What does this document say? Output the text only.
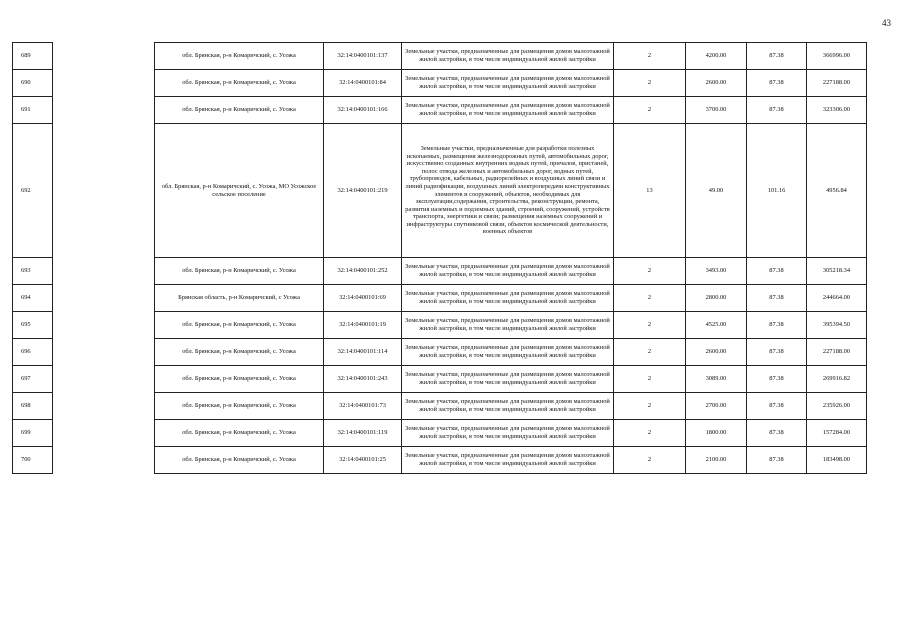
43
689		обл. Брянская, р-н Комаричский, с. Усожа	32:14:0400101:137	Земельные участки, предназначенные для размещения домов малоэтажной жилой застройки, в том числе индивидуальной жилой застройки	2	4200.00	87.38	366996.00
690		обл. Брянская, р-н Комаричский, с. Усожа	32:14:0400101:84	Земельные участки, предназначенные для размещения домов малоэтажной жилой застройки, в том числе индивидуальной жилой застройки	2	2600.00	87.38	227188.00
691		обл. Брянская, р-н Комаричский, с. Усожа	32:14:0400101:166	Земельные участки, предназначенные для размещения домов малоэтажной жилой застройки, в том числе индивидуальной жилой застройки	2	3700.00	87.38	323306.00
692		обл. Брянская, р-н Комаричский, с. Усожа, МО Усожское сельское поселение	32:14:0400101:219	Земельные участки, предназначенные для разработки полезных ископаемых, размещения железнодорожных путей, автомобильных дорог, искусственно созданных внутренних водных путей, причалов, пристаней, полос отвода железных и автомобильных дорог, водных путей, трубопроводов, кабельных, радиорелейных и воздушных линий связи и линий радиофикации, воздушных линий электропередачи конструктивных элементов и сооружений, объектов, необходимых для эксплуатации,содержания, строительства, реконструкции, ремонта, развития наземных и подземных зданий, строений, сооружений, устройств транспорта, энергетики и связи; размещения наземных сооружений и инфраструктуры спутниковой связи, объектов космической деятельности, военных объектов	13	49.00	101.16	4956.84
693		обл. Брянская, р-н Комаричский, с. Усожа	32:14:0400101:252	Земельные участки, предназначенные для размещения домов малоэтажной жилой застройки, в том числе индивидуальной жилой застройки	2	3493.00	87.38	305218.34
694		Брянская область, р-н Комаричский, с Усожа	32:14:0400101:69	Земельные участки, предназначенные для размещения домов малоэтажной жилой застройки, в том числе индивидуальной жилой застройки	2	2800.00	87.38	244664.00
695		обл. Брянская, р-н Комаричский, с. Усожа	32:14:0400101:19	Земельные участки, предназначенные для размещения домов малоэтажной жилой застройки, в том числе индивидуальной жилой застройки	2	4525.00	87.38	395394.50
696		обл. Брянская, р-н Комаричский, с. Усожа	32:14:0400101:114	Земельные участки, предназначенные для размещения домов малоэтажной жилой застройки, в том числе индивидуальной жилой застройки	2	2600.00	87.38	227188.00
697		обл. Брянская, р-н Комаричский, с. Усожа	32:14:0400101:243	Земельные участки, предназначенные для размещения домов малоэтажной жилой застройки, в том числе индивидуальной жилой застройки	2	3089.00	87.38	269916.82
698		обл. Брянская, р-н Комаричский, с. Усожа	32:14:0400101:73	Земельные участки, предназначенные для размещения домов малоэтажной жилой застройки, в том числе индивидуальной жилой застройки	2	2700.00	87.38	235926.00
699		обл. Брянская, р-н Комаричский, с. Усожа	32:14:0400101:119	Земельные участки, предназначенные для размещения домов малоэтажной жилой застройки, в том числе индивидуальной жилой застройки	2	1800.00	87.38	157284.00
700		обл. Брянская, р-н Комаричский, с. Усожа	32:14:0400101:25	Земельные участки, предназначенные для размещения домов малоэтажной жилой застройки, в том числе индивидуальной жилой застройки	2	2100.00	87.38	183498.00
